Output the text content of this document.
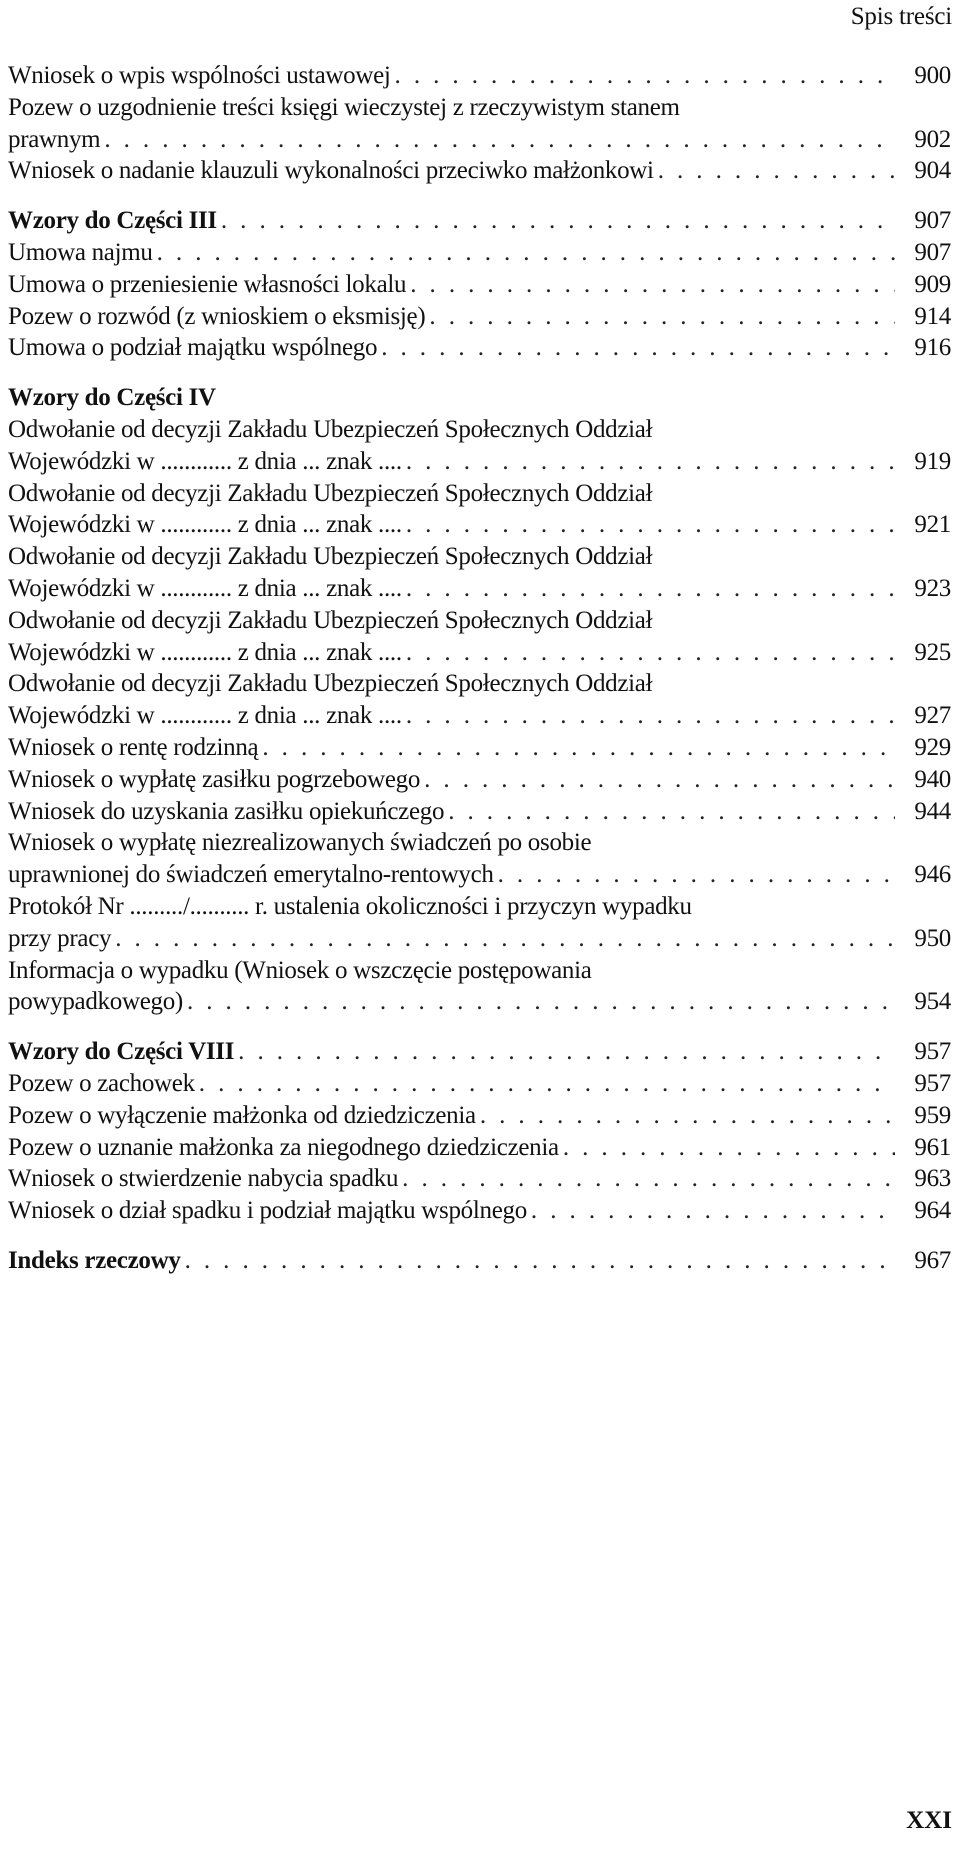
Spis treści
Wniosek o wpis wspólności ustawowej . . .	900
Pozew o uzgodnienie treści księgi wieczystej z rzeczywistym stanem
prawnym . . .	902
Wniosek o nadanie klauzuli wykonalności przeciwko małżonkowi . . .	904
Wzory do Części III . . .	907
Umowa najmu . . .	907
Umowa o przeniesienie własności lokalu . . .	909
Pozew o rozwód (z wnioskiem o eksmisję) . . .	914
Umowa o podział majątku wspólnego . . .	916
Wzory do Części IV
Odwołanie od decyzji Zakładu Ubezpieczeń Społecznych Oddział
Wojewódzki w ............ z dnia ... znak .... . . .	919
Odwołanie od decyzji Zakładu Ubezpieczeń Społecznych Oddział
Wojewódzki w ............ z dnia ... znak .... . . .	921
Odwołanie od decyzji Zakładu Ubezpieczeń Społecznych Oddział
Wojewódzki w ............ z dnia ... znak .... . . .	923
Odwołanie od decyzji Zakładu Ubezpieczeń Społecznych Oddział
Wojewódzki w ............ z dnia ... znak .... . . .	925
Odwołanie od decyzji Zakładu Ubezpieczeń Społecznych Oddział
Wojewódzki w ............ z dnia ... znak .... . . .	927
Wniosek o rentę rodzinną . . .	929
Wniosek o wypłatę zasiłku pogrzebowego . . .	940
Wniosek do uzyskania zasiłku opiekuńczego . . .	944
Wniosek o wypłatę niezrealizowanych świadczeń po osobie
uprawnionej do świadczeń emerytalno-rentowych . . .	946
Protokół Nr ........./.......... r. ustalenia okoliczności i przyczyn wypadku
przy pracy . . .	950
Informacja o wypadku (Wniosek o wszczęcie postępowania
powypadkowego) . . .	954
Wzory do Części VIII . . .	957
Pozew o zachowek . . .	957
Pozew o wyłączenie małżonka od dziedziczenia . . .	959
Pozew o uznanie małżonka za niegodnego dziedziczenia . . .	961
Wniosek o stwierdzenie nabycia spadku . . .	963
Wniosek o dział spadku i podział majątku wspólnego . . .	964
Indeks rzeczowy . . .	967
XXI
